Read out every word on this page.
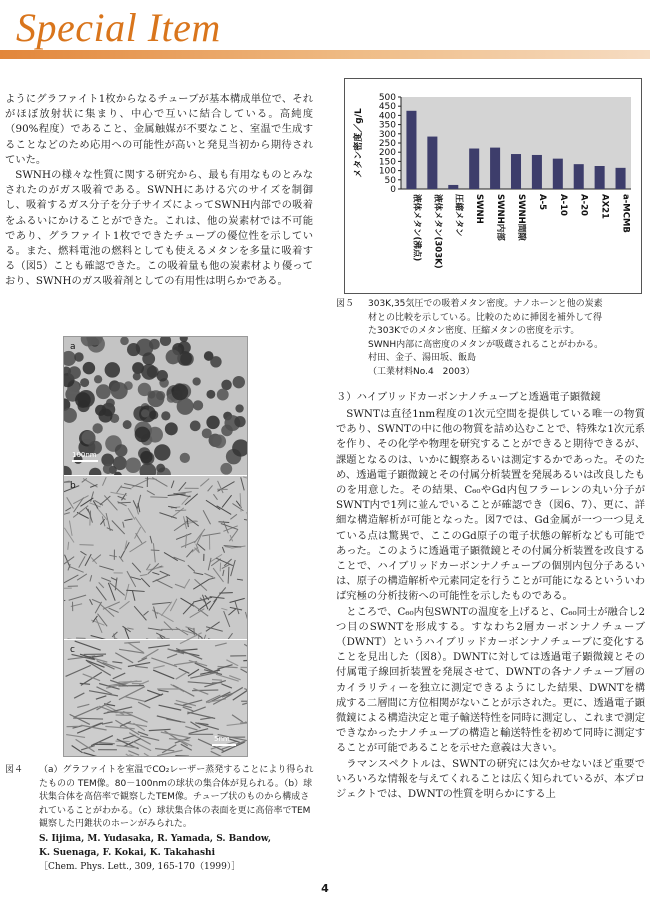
Special Item

ようにグラファイト1枚からなるチューブが基本構成単位で、それがほぼ放射状に集まり、中心で互いに結合している。高純度（90%程度）であること、金属触媒が不要なこと、室温で生成することなどのため応用への可能性が高いと発見当初から期待されていた。

SWNHの様々な性質に関する研究から、最も有用なものとみなされたのがガス吸着である。SWNHにあける穴のサイズを制御し、吸着するガス分子を分子サイズによってSWNH内部での吸着をふるいにかけることができた。これは、他の炭素材では不可能であり、グラファイト1枚でできたチューブの優位性を示している。また、燃料電池の燃料としても使えるメタンを多量に吸着する（図5）ことも確認できた。この吸着量も他の炭素材より優っており、SWNHのガス吸着剤としての有用性は明らかである。

a
b
c
100nm
5nm
図４	（a）グラファイトを室温でCO₂レーザー蒸発することにより得られたものの TEM像。80－100nmの球状の集合体が見られる。（b）球状集合体を高倍率で観察したTEM像。チューブ状のものから構成されていることがわかる。（c）球状集合体の表面を更に高倍率でTEM観察した円錐状のホーンがみられた。
S. Iijima, M. Yudasaka, R. Yamada, S. Bandow,
K. Suenaga, F. Kokai, K. Takahashi
［Chem. Phys. Lett., 309, 165-170（1999）］
0
50
100
150
200
250
300
350
400
450
500
メタン密度／g/L
液体メタン(沸点) 液体メタン(303K) 圧縮メタン SWNH SWNH内部 SWNH間隙 A-5 A-10 A-20 AX21 a-MCMB
図５	303K,35気圧での吸着メタン密度。ナノホーンと他の炭素
材との比較を示している。比較のために挿図を補外して得
た303Kでのメタン密度、圧縮メタンの密度を示す。
SWNH内部に高密度のメタンが吸蔵されることがわかる。
村田、金子、湯田坂、飯島
（工業材料No.4　2003）
３）ハイブリッドカーボンナノチューブと透過電子顕微鏡

SWNTは直径1nm程度の1次元空間を提供している唯一の物質であり、SWNTの中に他の物質を詰め込むことで、特殊な1次元系を作り、その化学や物理を研究することができると期待できるが、課題となるのは、いかに観察あるいは測定するかであった。そのため、透過電子顕微鏡とその付属分析装置を発展あるいは改良したものを用意した。その結果、C₆₀やGd内包フラーレンの丸い分子がSWNT内で1列に並んでいることが確認でき（図6、7）、更に、詳細な構造解析が可能となった。図7では、Gd金属が一つ一つ見えている点は驚異で、ここのGd原子の電子状態の解析なども可能であった。このように透過電子顕微鏡とその付属分析装置を改良することで、ハイブリッドカーボンナノチューブの個別内包分子あるいは、原子の構造解析や元素同定を行うことが可能になるといういわば究極の分析技術への可能性を示したものである。

ところで、C₆₀内包SWNTの温度を上げると、C₆₀同士が融合し2つ目のSWNTを形成する。すなわち2層カーボンナノチューブ（DWNT）というハイブリッドカーボンナノチューブに変化することを見出した（図8）。DWNTに対しては透過電子顕微鏡とその付属電子線回折装置を発展させて、DWNTの各ナノチューブ層のカイラリティーを独立に測定できるようにした結果、DWNTを構成する二層間に方位相関がないことが示された。更に、透過電子顕微鏡による構造決定と電子輸送特性を同時に測定し、これまで測定できなかったナノチューブの構造と輸送特性を初めて同時に測定することが可能であることを示せた意義は大きい。

ラマンスペクトルは、SWNTの研究には欠かせないほど重要でいろいろな情報を与えてくれることは広く知られているが、本プロジェクトでは、DWNTの性質を明らかにする上

4
